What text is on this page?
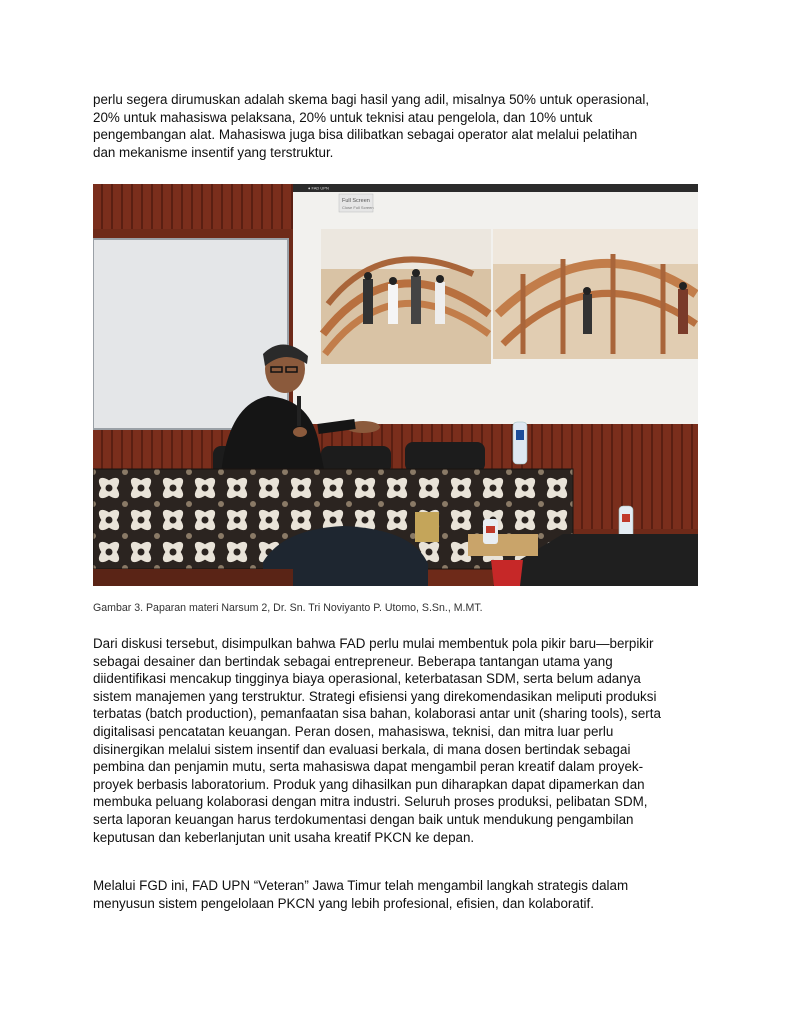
perlu segera dirumuskan adalah skema bagi hasil yang adil, misalnya 50% untuk operasional,
20% untuk mahasiswa pelaksana, 20% untuk teknisi atau pengelola, dan 10% untuk
pengembangan alat. Mahasiswa juga bisa dilibatkan sebagai operator alat melalui pelatihan
dan mekanisme insentif yang terstruktur.

● FAD UPN
Full Screen
Close Full Screen

Gambar 3. Paparan materi Narsum 2, Dr. Sn. Tri Noviyanto P. Utomo, S.Sn., M.MT.

Dari diskusi tersebut, disimpulkan bahwa FAD perlu mulai membentuk pola pikir baru—berpikir
sebagai desainer dan bertindak sebagai entrepreneur. Beberapa tantangan utama yang
diidentifikasi mencakup tingginya biaya operasional, keterbatasan SDM, serta belum adanya
sistem manajemen yang terstruktur. Strategi efisiensi yang direkomendasikan meliputi produksi
terbatas (batch production), pemanfaatan sisa bahan, kolaborasi antar unit (sharing tools), serta
digitalisasi pencatatan keuangan. Peran dosen, mahasiswa, teknisi, dan mitra luar perlu
disinergikan melalui sistem insentif dan evaluasi berkala, di mana dosen bertindak sebagai
pembina dan penjamin mutu, serta mahasiswa dapat mengambil peran kreatif dalam proyek-
proyek berbasis laboratorium. Produk yang dihasilkan pun diharapkan dapat dipamerkan dan
membuka peluang kolaborasi dengan mitra industri. Seluruh proses produksi, pelibatan SDM,
serta laporan keuangan harus terdokumentasi dengan baik untuk mendukung pengambilan
keputusan dan keberlanjutan unit usaha kreatif PKCN ke depan.

Melalui FGD ini, FAD UPN “Veteran” Jawa Timur telah mengambil langkah strategis dalam
menyusun sistem pengelolaan PKCN yang lebih profesional, efisien, dan kolaboratif.
